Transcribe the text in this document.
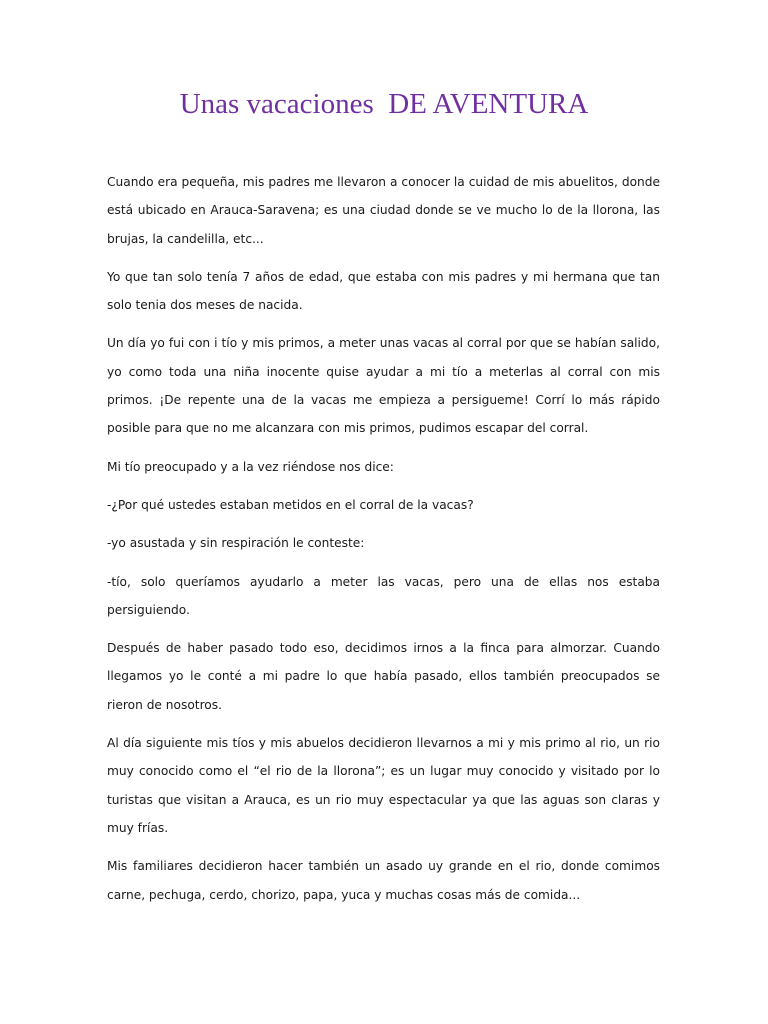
Unas vacaciones  DE AVENTURA

Cuando era pequeña, mis padres me llevaron a conocer la cuidad de mis abuelitos, donde está ubicado en Arauca-Saravena; es una ciudad donde se ve mucho lo de la llorona, las brujas, la candelilla, etc...

Yo que tan solo tenía 7 años de edad, que estaba con mis padres y mi hermana que tan solo tenia dos meses de nacida.

Un día yo fui con i tío y mis primos, a meter unas vacas al corral por que se habían salido, yo como toda una niña inocente quise ayudar a mi tío a meterlas al corral con mis primos. ¡De repente una de la vacas me empieza a persigueme! Corrí lo más rápido posible para que no me alcanzara con mis primos, pudimos escapar del corral.

Mi tío preocupado y a la vez riéndose nos dice:

-¿Por qué ustedes estaban metidos en el corral de la vacas?

-yo asustada y sin respiración le conteste:

-tío, solo queríamos ayudarlo a meter las vacas, pero una de ellas nos estaba persiguiendo.

Después de haber pasado todo eso, decidimos irnos a la finca para almorzar. Cuando llegamos yo le conté a mi padre lo que había pasado, ellos también preocupados se rieron de nosotros.

Al día siguiente mis tíos y mis abuelos decidieron llevarnos a mi y mis primo al rio, un rio muy conocido como el “el rio de la llorona”; es un lugar muy conocido y visitado por lo turistas que visitan a Arauca, es un rio muy espectacular ya que las aguas son claras y muy frías.

Mis familiares decidieron hacer también un asado uy grande en el rio, donde comimos carne, pechuga, cerdo, chorizo, papa, yuca y muchas cosas más de comida...
